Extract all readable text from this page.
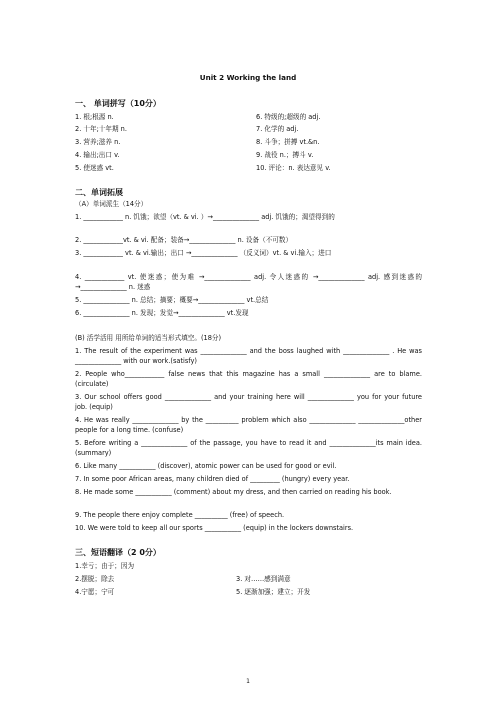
Unit 2 Working the land
一、 单词拼写（10分）
1. 根;根源 n.
2. 十年;十年期 n.
3. 营养;滋养 n.
4. 输出;出口 v.
5. 使迷惑 vt.
6. 特级的;超级的 adj.
7. 化学的 adj.
8. 斗争；拼搏 vt.&n.
9. 战役 n.；搏斗 v.
10. 评论：n. 表达意见 v.
二、单词拓展
（A）单词派生（14分）
1. ____________ n. 饥饿；欲望（vt. & vi. ）→______________ adj. 饥饿的；渴望得到的
2. ____________vt. & vi. 配备；装备→______________ n. 设备（不可数）
3. ____________ vt. & vi.输出；出口 →______________ （反义词）vt. & vi.输入；进口
4. ____________ vt. 使迷惑；使为难 →______________ adj. 令人迷惑的 →______________ adj. 感到迷惑的→______________ n. 迷惑
5. ______________ n. 总结；摘要；概要→______________ vt.总结
6. ______________ n. 发现；发觉→______________ vt.发现
(B) 活学活用 用所给单词的适当形式填空。(18分)
1. The result of the experiment was ______________ and the boss laughed with ______________ . He was ______________ with our work.(satisfy)
2. People who____________ false news that this magazine has a small ______________ are to blame. (circulate)
3. Our school offers good ______________ and your training here will ______________ you for your future job. (equip)
4. He was really ______________ by the __________ problem which also ______________ ______________other people for a long time. (confuse)
5. Before writing a ______________ of the passage, you have to read it and ______________its main idea. (summary)
6. Like many ___________ (discover), atomic power can be used for good or evil.
7. In some poor African areas, many children died of _________ (hungry) every year.
8. He made some ___________ (comment) about my dress, and then carried on reading his book.
9. The people there enjoy complete __________ (free) of speech.
10. We were told to keep all our sports ___________ (equip) in the lockers downstairs.
三、短语翻译（2 0分）
1.幸亏；由于；因为
2.摆脱；除去
4.宁愿；宁可
3. 对……感到满意
5. 逐渐加强；建立；开发
1
